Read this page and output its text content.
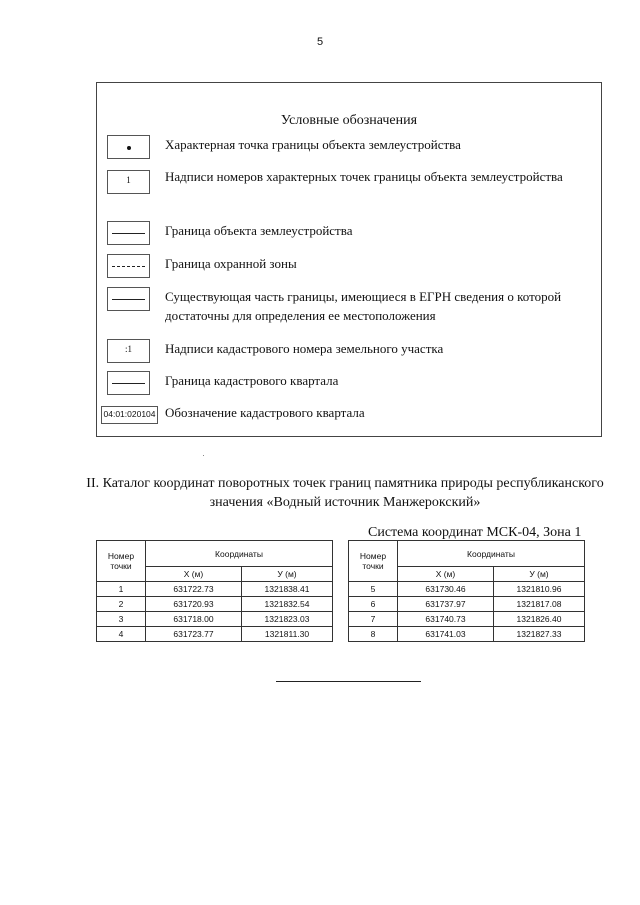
5
Условные обозначения
Характерная точка границы объекта землеустройства
1	Надписи номеров характерных точек границы объекта землеустройства
Граница объекта землеустройства
Граница охранной зоны
Существующая часть границы, имеющиеся в ЕГРН сведения о которой достаточны для определения ее местоположения
:1	Надписи кадастрового номера земельного участка
Граница кадастрового квартала
04:01:020104 Обозначение кадастрового квартала
II. Каталог координат поворотных точек границ памятника природы республиканского значения «Водный источник Манжерокский»
Система координат МСК-04, Зона 1
Номер точки	Координаты	
	Х (м)	У (м)
1	631722.73	1321838.41
2	631720.93	1321832.54
3	631718.00	1321823.03
4	631723.77	1321811.30
Номер точки	Координаты	
	Х (м)	У (м)
5	631730.46	1321810.96
6	631737.97	1321817.08
7	631740.73	1321826.40
8	631741.03	1321827.33
